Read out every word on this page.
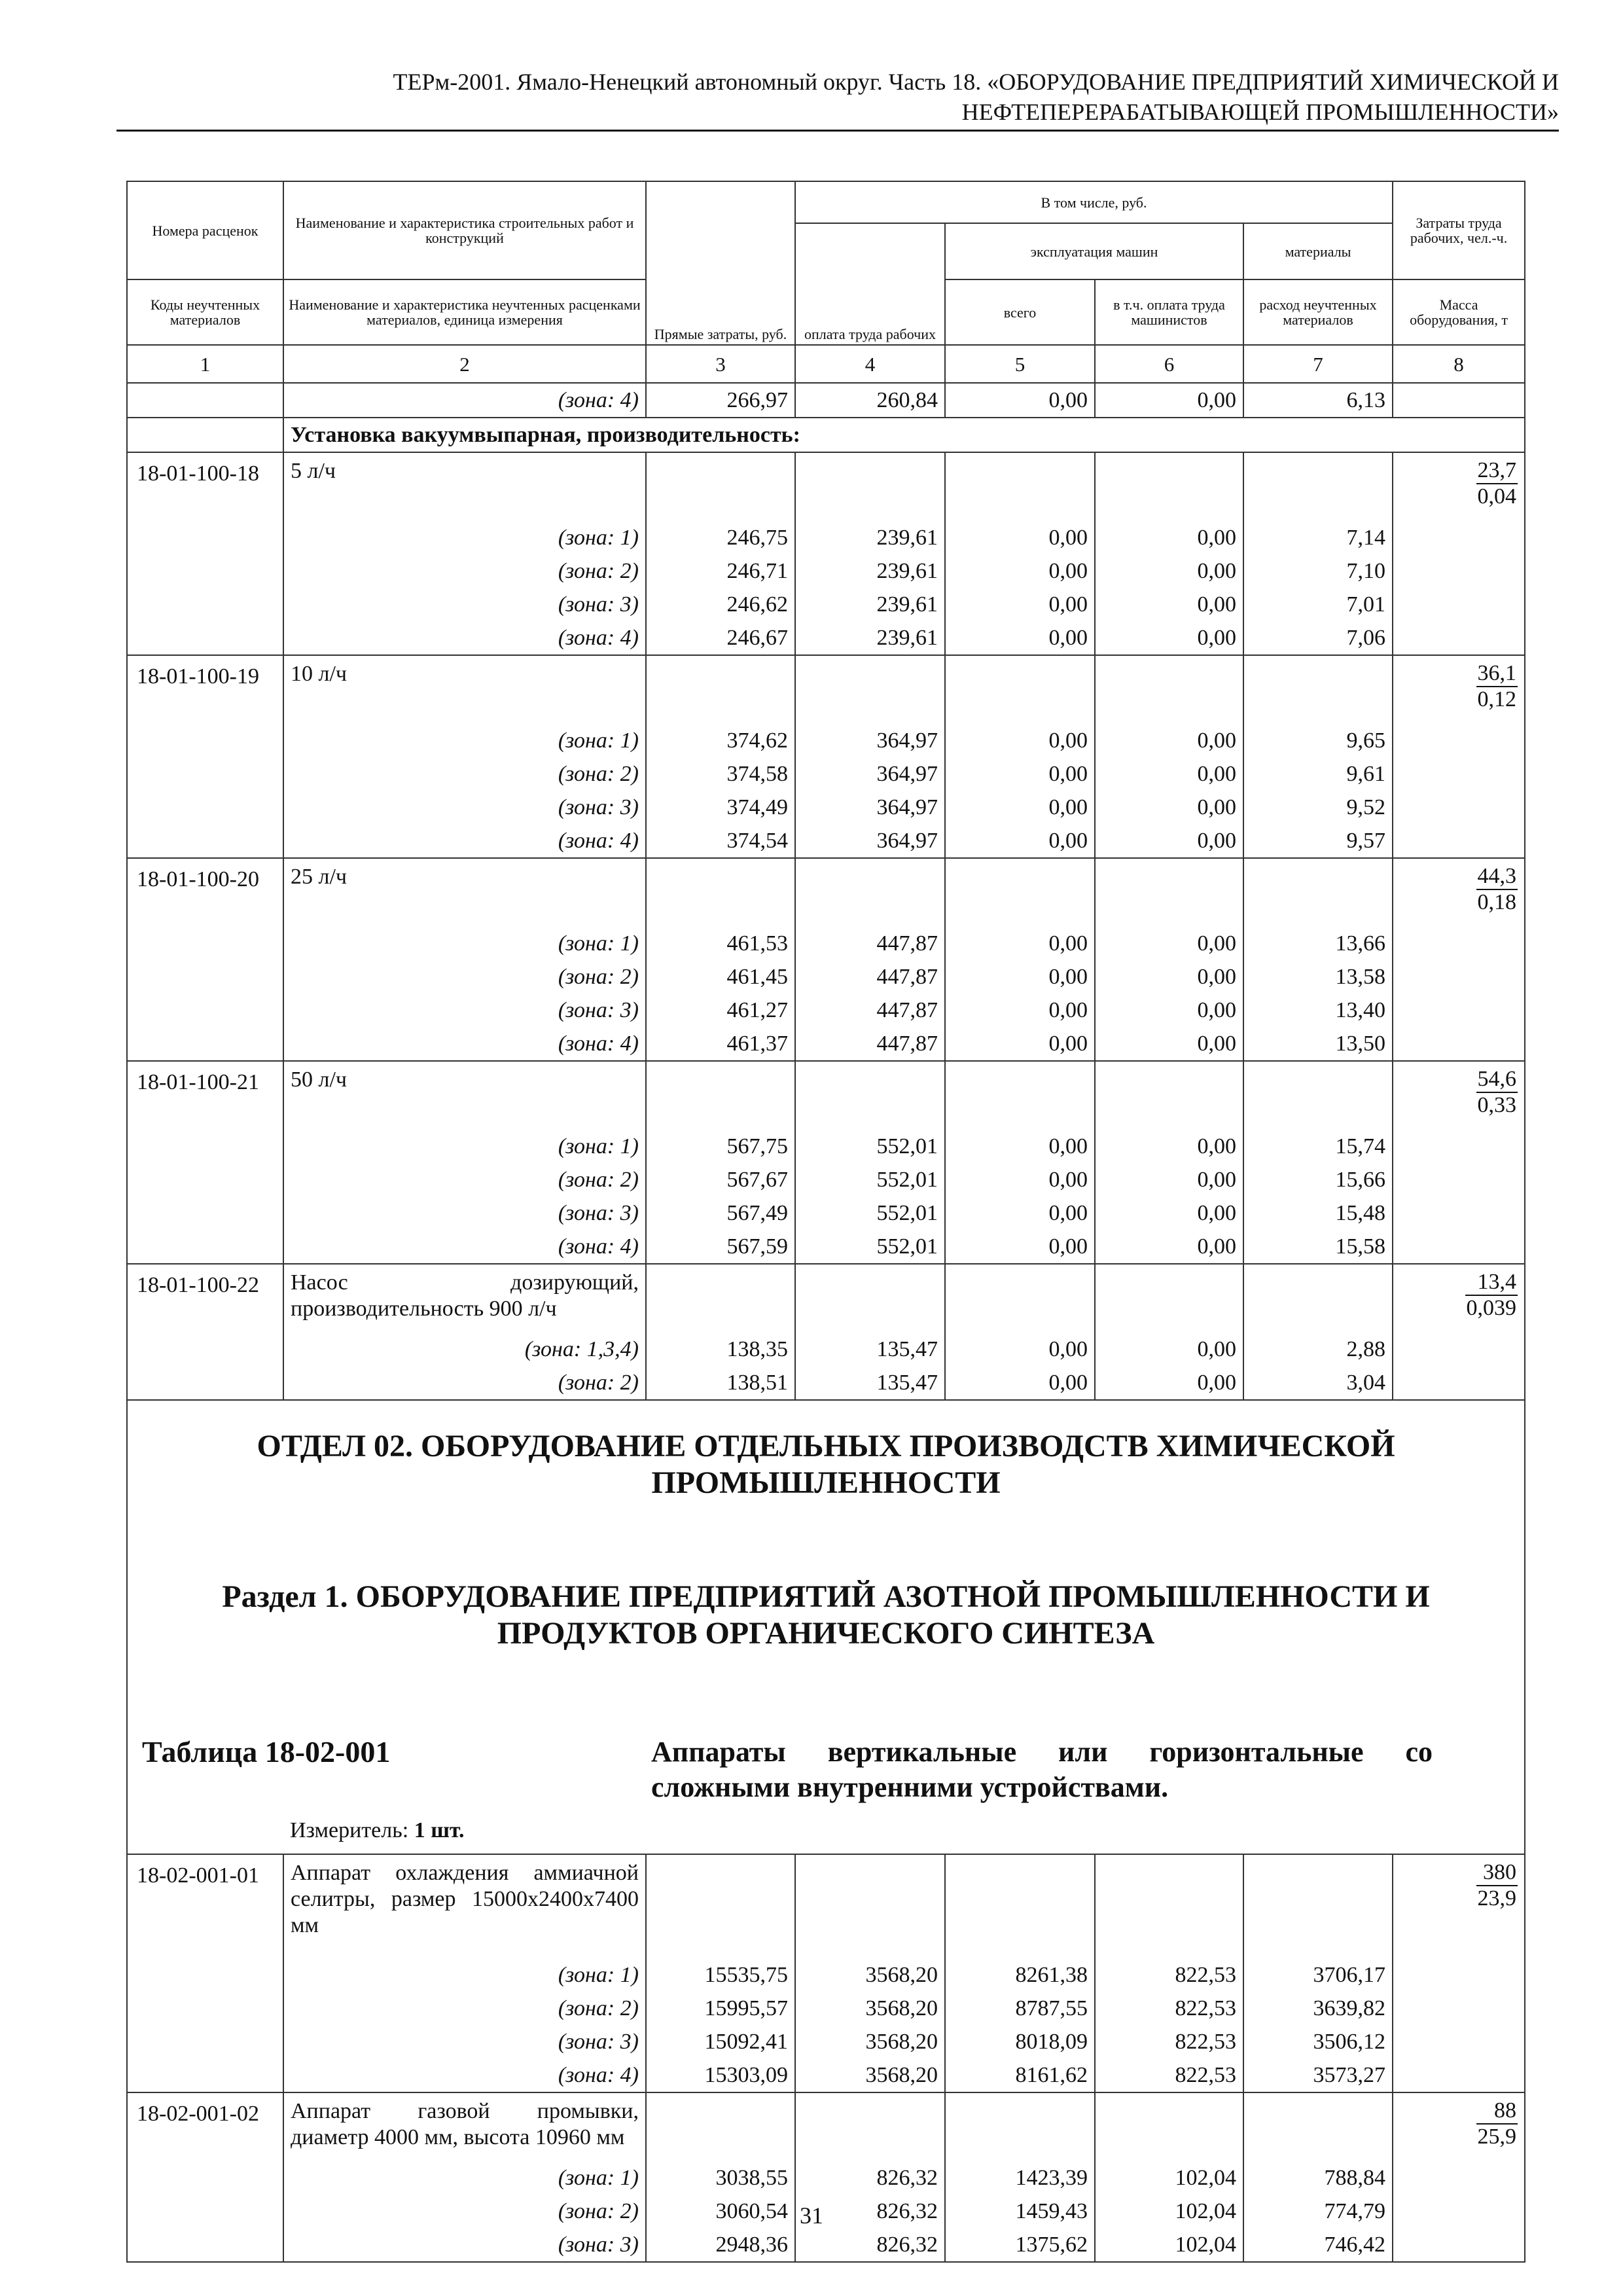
ТЕРм-2001. Ямало-Ненецкий автономный округ. Часть 18. «ОБОРУДОВАНИЕ ПРЕДПРИЯТИЙ ХИМИЧЕСКОЙ И
НЕФТЕПЕРЕРАБАТЫВАЮЩЕЙ ПРОМЫШЛЕННОСТИ»
Номера расценок	Наименование и характеристика строительных работ и конструкций	Прямые затраты, руб.	В том числе, руб.				Затраты труда рабочих, чел.-ч.
			оплата труда рабочих	эксплуатация машин		материалы	
Коды неучтенных материалов	Наименование и характеристика неучтенных расценками материалов, единица измерения			всего	в т.ч. оплата труда машинистов	расход неучтенных материалов	Масса оборудования, т
1	2	3	4	5	6	7	8
	(зона: 4)	266,97	260,84	0,00	0,00	6,13	
	Установка вакуумвыпарная, производительность:						
18-01-100-18	5 л/ч						$\frac{23,7}{0,04}$

	(зона: 1)	246,75	239,61	0,00	0,00	7,14	
	(зона: 2)	246,71	239,61	0,00	0,00	7,10	
	(зона: 3)	246,62	239,61	0,00	0,00	7,01	
	(зона: 4)	246,67	239,61	0,00	0,00	7,06	
18-01-100-19	10 л/ч						$\frac{36,1}{0,12}$

	(зона: 1)	374,62	364,97	0,00	0,00	9,65	
	(зона: 2)	374,58	364,97	0,00	0,00	9,61	
	(зона: 3)	374,49	364,97	0,00	0,00	9,52	
	(зона: 4)	374,54	364,97	0,00	0,00	9,57	
18-01-100-20	25 л/ч						$\frac{44,3}{0,18}$

	(зона: 1)	461,53	447,87	0,00	0,00	13,66	
	(зона: 2)	461,45	447,87	0,00	0,00	13,58	
	(зона: 3)	461,27	447,87	0,00	0,00	13,40	
	(зона: 4)	461,37	447,87	0,00	0,00	13,50	
18-01-100-21	50 л/ч						$\frac{54,6}{0,33}$

	(зона: 1)	567,75	552,01	0,00	0,00	15,74	
	(зона: 2)	567,67	552,01	0,00	0,00	15,66	
	(зона: 3)	567,49	552,01	0,00	0,00	15,48	
	(зона: 4)	567,59	552,01	0,00	0,00	15,58	
18-01-100-22	Насос дозирующий, производительность 900 л/ч						$\frac{13,4}{0,039}$

	(зона: 1,3,4)	138,35	135,47	0,00	0,00	2,88	
	(зона: 2)	138,51	135,47	0,00	0,00	3,04	

ОТДЕЛ 02. ОБОРУДОВАНИЕ ОТДЕЛЬНЫХ ПРОИЗВОДСТВ ХИМИЧЕСКОЙ ПРОМЫШЛЕННОСТИ
Раздел 1. ОБОРУДОВАНИЕ ПРЕДПРИЯТИЙ АЗОТНОЙ ПРОМЫШЛЕННОСТИ И ПРОДУКТОВ ОРГАНИЧЕСКОГО СИНТЕЗА
Таблица 18-02-001 Аппараты вертикальные или горизонтальные со сложными внутренними устройствами.
Измеритель: 1 шт.							

18-02-001-01	Аппарат охлаждения аммиачной селитры, размер 15000x2400x7400 мм						$\frac{380}{23,9}$

	(зона: 1)	15535,75	3568,20	8261,38	822,53	3706,17	
	(зона: 2)	15995,57	3568,20	8787,55	822,53	3639,82	
	(зона: 3)	15092,41	3568,20	8018,09	822,53	3506,12	
	(зона: 4)	15303,09	3568,20	8161,62	822,53	3573,27	
18-02-001-02	Аппарат газовой промывки, диаметр 4000 мм, высота 10960 мм						$\frac{88}{25,9}$

	(зона: 1)	3038,55	826,32	1423,39	102,04	788,84	
	(зона: 2)	3060,54	826,32	1459,43	102,04	774,79	
	(зона: 3)	2948,36	826,32	1375,62	102,04	746,42	
31
